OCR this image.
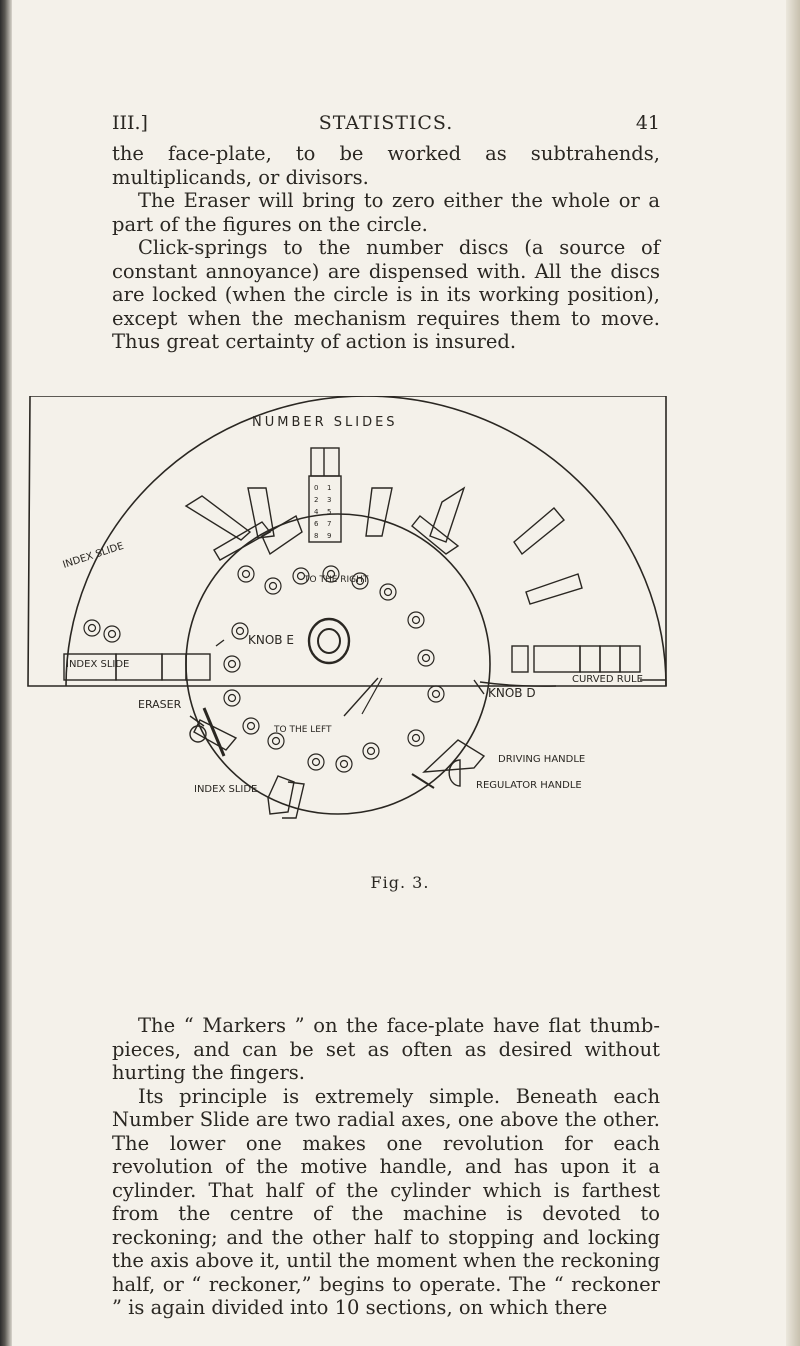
III.]	STATISTICS.	41

the face-plate, to be worked as subtrahends, multiplicands, or divisors.

The Eraser will bring to zero either the whole or a part of the figures on the circle.

Click-springs to the number discs (a source of constant annoyance) are dispensed with. All the discs are locked (when the circle is in its working position), except when the mechanism requires them to move. Thus great certainty of action is insured.

NUMBER SLIDES
INDEX SLIDE
INDEX SLIDE
KNOB E
TO THE RIGHT
TO THE LEFT
CURVED RULE
KNOB D
ERASER
DRIVING HANDLE
REGULATOR HANDLE
INDEX SLIDE
0 1
2 3
4 5
6 7
8 9
Fig. 3.

The “ Markers ” on the face-plate have flat thumb-pieces, and can be set as often as desired without hurting the fingers.

Its principle is extremely simple. Beneath each Number Slide are two radial axes, one above the other. The lower one makes one revolution for each revolution of the motive handle, and has upon it a cylinder. That half of the cylinder which is farthest from the centre of the machine is devoted to reckoning; and the other half to stopping and locking the axis above it, until the moment when the reckoning half, or “ reckoner,” begins to operate. The “ reckoner ” is again divided into 10 sections, on which there
